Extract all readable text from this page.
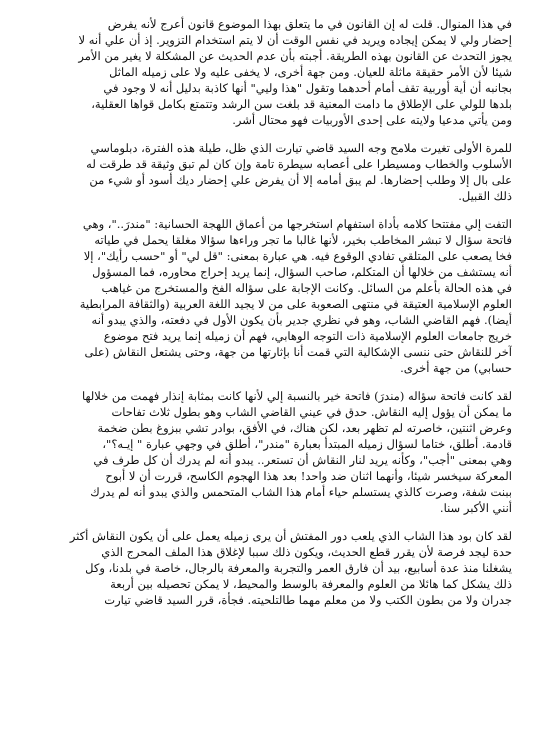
في هذا المنوال. قلت له إن القانون في ما يتعلق بهذا الموضوع قانون أعرج لأنه يفرض
إحضار ولي لا يمكن إيجاده ويريد في نفس الوقت أن لا يتم استخدام التزوير. إذ أن علي أنه لا
يجوز التحدث عن القانون بهذه الطريقة. أجبته بأن عدم الحديث عن المشكلة لا يغير من الأمر
شيئا لأن الأمر حقيقة ماثلة للعيان. ومن جهة أخرى، لا يخفى عليه ولا على زميله الماثل
بجانبه أن أية أوربية تقف أمام أحدهما وتقول "هذا وليي" أنها كاذبة بدليل أنه لا وجود في
بلدها للولي على الإطلاق ما دامت المعنية قد بلغت سن الرشد وتتمتع بكامل قواها العقلية،
ومن يأتي مدعيا ولايته على إحدى الأوربيات فهو محتال أشر.

للمرة الأولى تغيرت ملامح وجه السيد قاضي تيارت الذي ظل، طيلة هذه الفترة، دبلوماسي
الأسلوب والخطاب ومسيطرا على أعصابه سيطرة تامة وإن كان لم تبق وثيقة قد طرقت له
على بال إلا وطلب إحضارها. لم يبق أمامه إلا أن يفرض علي إحضار ديك أسود أو شيء من
ذلك القبيل.

التفت إلي مفتتحا كلامه بأداة استفهام استخرجها من أعماق اللهجة الحسانية: "مندرَ.."، وهي
فاتحة سؤال لا تبشر المخاطب بخير، لأنها غالبا ما تجر وراءها سؤالا مغلقا يحمل في طياته
فخا يصعب على المتلقي تفادي الوقوع فيه. هي عبارة بمعنى: "قل لي" أو "حسب رأيك"، إلا
أنه يستشف من خلالها أن المتكلم، صاحب السؤال، إنما يريد إحراج محاوره، فما المسؤول
في هذه الحالة بأعلم من السائل. وكانت الإجابة على سؤاله الفخ والمستخرج من غياهب
العلوم الإسلامية العتيقة في منتهى الصعوبة على من لا يجيد اللغة العربية (والثقافة المرابطية
أيضا). فهم القاضي الشاب، وهو في نظري جدير بأن يكون الأول في دفعته، والذي يبدو أنه
خريج جامعات العلوم الإسلامية ذات التوجه الوهابي، فهم أن زميله إنما يريد فتح موضوع
آخر للنقاش حتى ننسى الإشكالية التي قمت أنا بإثارتها من جهة، وحتى يشتعل النقاش (على
حسابي) من جهة أخرى.

لقد كانت فاتحة سؤاله (مندرَ) فاتحة خير بالنسبة إلي لأنها كانت بمثابة إنذار فهمت من خلالها
ما يمكن أن يؤول إليه النقاش. حدق في عيني القاضي الشاب وهو بطول ثلاث تفاحات
وعرض اثنتين، خاصرته لم تظهر بعد، لكن هناك، في الأفق، بوادر تشي ببزوغ بطن ضخمة
قادمة. أطلق، ختاما لسؤال زميله المبتدأ بعبارة "مندر"، أطلق في وجهي عبارة " إيـه؟"،
وهي بمعنى "أجب"، وكأنه يريد لنار النقاش أن تستعر.. يبدو أنه لم يدرك أن كل طرف في
المعركة سيخسر شيئا، وأنهما اثنان ضد واحد! بعد هذا الهجوم الكاسح، قررت أن لا أبوح
ببنت شفة، وصرت كالذي يستسلم حياء أمام هذا الشاب المتحمس والذي يبدو أنه لم يدرك
أنني الأكبر سنا.

لقد كان بود هذا الشاب الذي يلعب دور المفتش أن يرى زميله يعمل على أن يكون النقاش أكثر
حدة ليجد فرصة لأن يقرر قطع الحديث، ويكون ذلك سببا لإغلاق هذا الملف المحرج الذي
يشغلنا منذ عدة أسابيع، بيد أن فارق العمر والتجربة والمعرفة بالرجال، خاصة في بلدنا، وكل
ذلك يشكل كما هائلا من العلوم والمعرفة بالوسط والمحيط، لا يمكن تحصيله بين أربعة
جدران ولا من بطون الكتب ولا من معلم مهما طالتلحيته. فجأة، قرر السيد قاضي تيارت
